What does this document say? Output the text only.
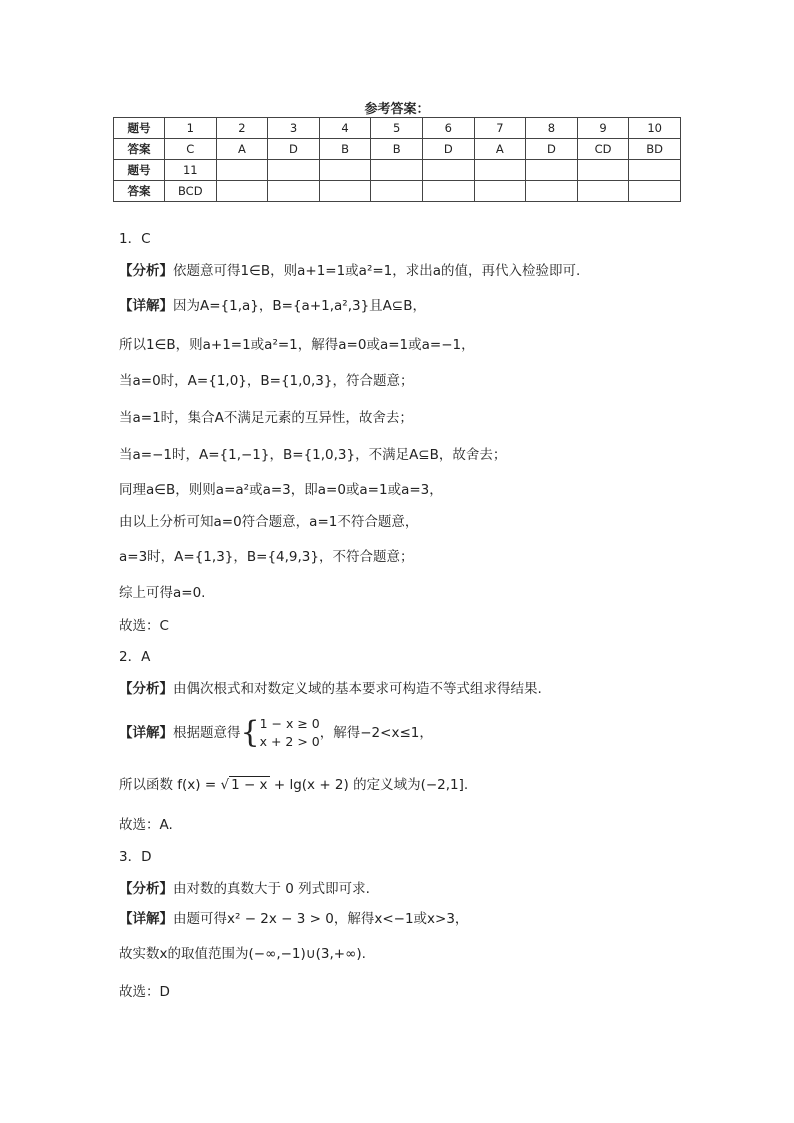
参考答案：
题号	1	2	3	4	5	6	7	8	9	10
答案	C	A	D	B	B	D	A	D	CD	BD
题号	11									
答案	BCD									
1．C
【分析】依题意可得1∈B，则a+1=1或a²=1，求出a的值，再代入检验即可.
【详解】因为A={1,a}，B={a+1,a²,3}且A⊆B，
所以1∈B，则a+1=1或a²=1，解得a=0或a=1或a=−1，
当a=0时，A={1,0}，B={1,0,3}，符合题意；
当a=1时，集合A不满足元素的互异性，故舍去；
当a=−1时，A={1,−1}，B={1,0,3}，不满足A⊆B，故舍去；
同理a∈B，则则a=a²或a=3，即a=0或a=1或a=3，
由以上分析可知a=0符合题意，a=1不符合题意，
a=3时，A={1,3}，B={4,9,3}，不符合题意；
综上可得a=0.
故选：C
2．A
【分析】由偶次根式和对数定义域的基本要求可构造不等式组求得结果.
【详解】根据题意得{ 1 − x ≥ 0
x + 2 > 0
，解得−2<x≤1，
所以函数 f(x) = √ 1 − x + lg(x + 2) 的定义域为(−2,1].
故选：A.
3．D
【分析】由对数的真数大于 0 列式即可求.
【详解】由题可得x² − 2x − 3 > 0，解得x<−1或x>3，
故实数x的取值范围为(−∞,−1)∪(3,+∞).
故选：D
